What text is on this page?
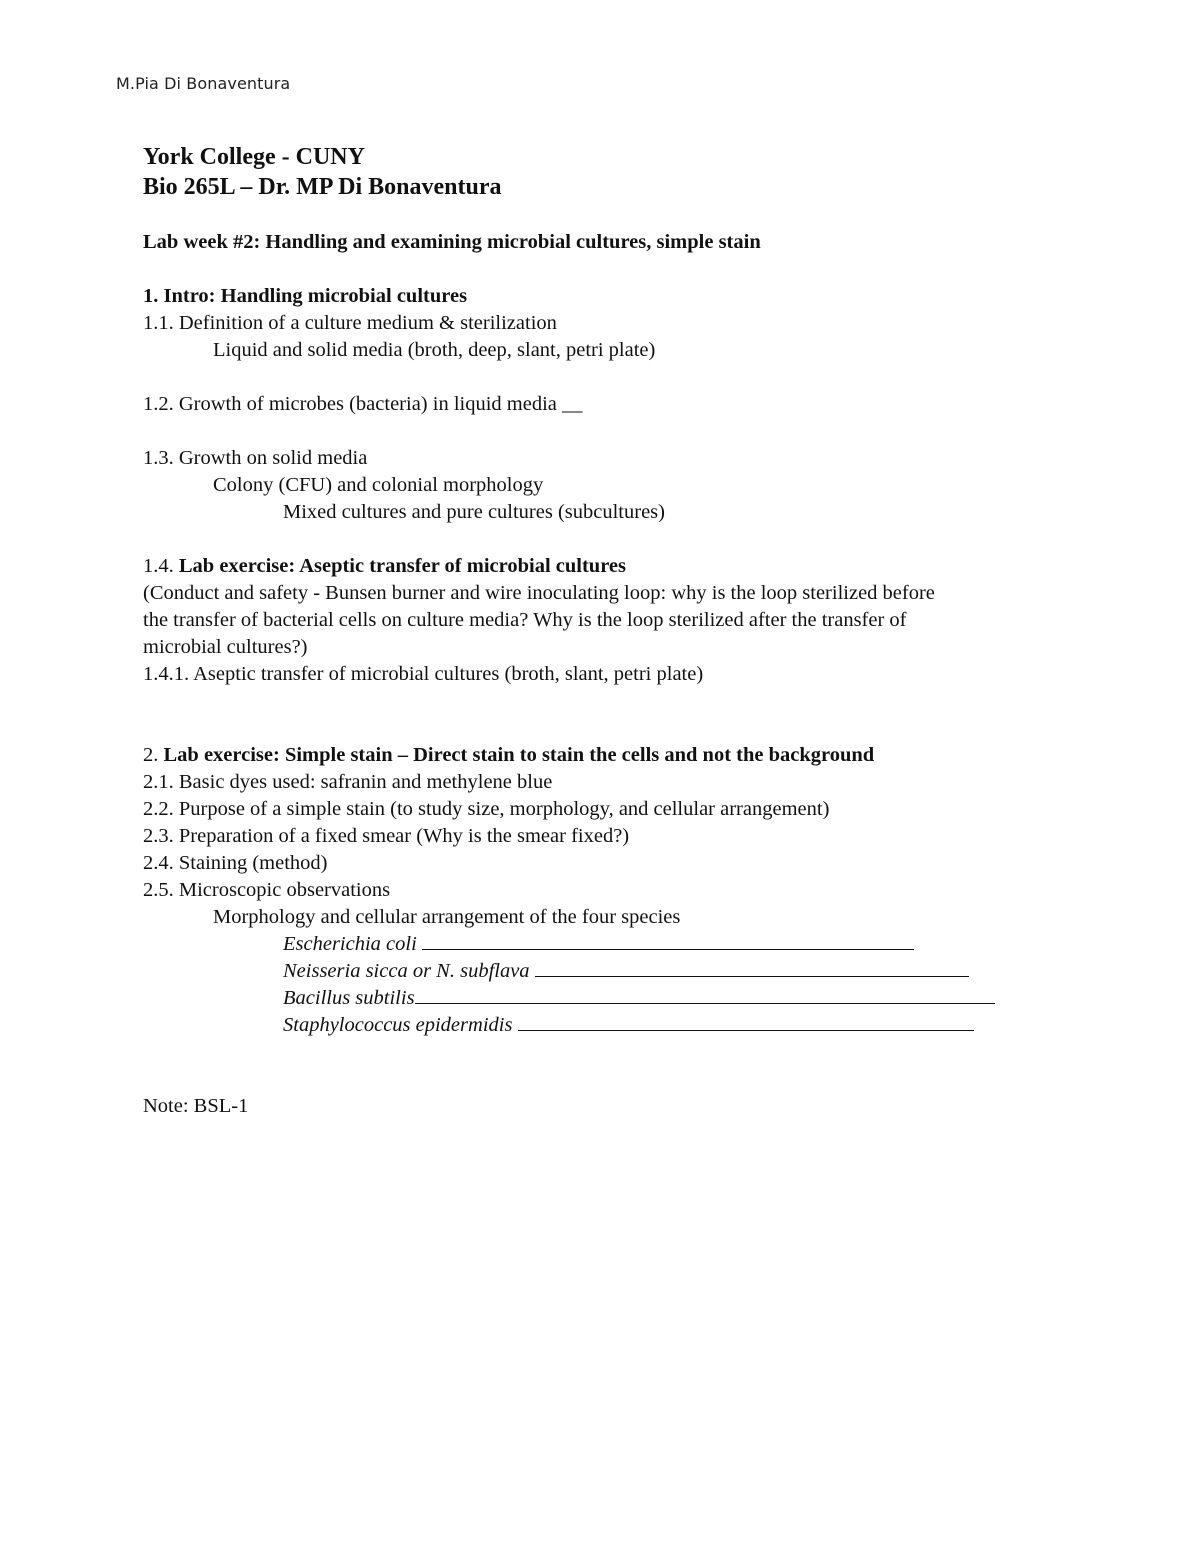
M.Pia Di Bonaventura
York College - CUNY
Bio 265L – Dr. MP Di Bonaventura
Lab week #2: Handling and examining microbial cultures, simple stain
1. Intro: Handling microbial cultures
1.1. Definition of a culture medium & sterilization
Liquid and solid media (broth, deep, slant, petri plate)
1.2. Growth of microbes (bacteria) in liquid media __
1.3. Growth on solid media
Colony (CFU) and colonial morphology
Mixed cultures and pure cultures (subcultures)
1.4. Lab exercise: Aseptic transfer of microbial cultures
(Conduct and safety - Bunsen burner and wire inoculating loop: why is the loop sterilized before
the transfer of bacterial cells on culture media? Why is the loop sterilized after the transfer of
microbial cultures?)
1.4.1. Aseptic transfer of microbial cultures (broth, slant, petri plate)
2. Lab exercise: Simple stain – Direct stain to stain the cells and not the background
2.1. Basic dyes used: safranin and methylene blue
2.2. Purpose of a simple stain (to study size, morphology, and cellular arrangement)
2.3. Preparation of a fixed smear (Why is the smear fixed?)
2.4. Staining (method)
2.5. Microscopic observations
Morphology and cellular arrangement of the four species
Escherichia coli
Neisseria sicca or N. subflava
Bacillus subtilis
Staphylococcus epidermidis
Note: BSL-1
